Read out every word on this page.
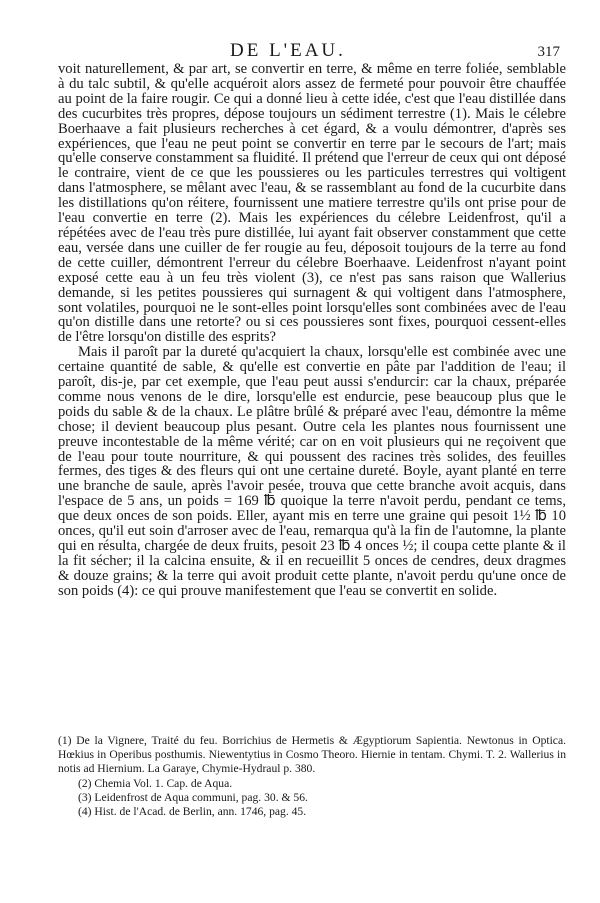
DE L'EAU.	317

voit naturellement, & par art, se convertir en terre, & même en terre foliée, semblable à du talc subtil, & qu'elle acquéroit alors assez de fermeté pour pouvoir être chauffée au point de la faire rougir. Ce qui a donné lieu à cette idée, c'est que l'eau distillée dans des cucurbites très propres, dépose toujours un sédiment terrestre (1). Mais le célebre Boerhaave a fait plusieurs recherches à cet égard, & a voulu démontrer, d'après ses expériences, que l'eau ne peut point se convertir en terre par le secours de l'art; mais qu'elle conserve constamment sa fluidité. Il prétend que l'erreur de ceux qui ont déposé le contraire, vient de ce que les poussieres ou les particules terrestres qui voltigent dans l'atmosphere, se mêlant avec l'eau, & se rassemblant au fond de la cucurbite dans les distillations qu'on réitere, fournissent une matiere terrestre qu'ils ont prise pour de l'eau convertie en terre (2). Mais les expériences du célebre Leidenfrost, qu'il a répétées avec de l'eau très pure distillée, lui ayant fait observer constamment que cette eau, versée dans une cuiller de fer rougie au feu, déposoit toujours de la terre au fond de cette cuiller, démontrent l'erreur du célebre Boerhaave. Leidenfrost n'ayant point exposé cette eau à un feu très violent (3), ce n'est pas sans raison que Wallerius demande, si les petites poussieres qui surnagent & qui voltigent dans l'atmosphere, sont volatiles, pourquoi ne le sont-elles point lorsqu'elles sont combinées avec de l'eau qu'on distille dans une retorte? ou si ces poussieres sont fixes, pourquoi cessent-elles de l'être lorsqu'on distille des esprits?

Mais il paroît par la dureté qu'acquiert la chaux, lorsqu'elle est combinée avec une certaine quantité de sable, & qu'elle est convertie en pâte par l'addition de l'eau; il paroît, dis-je, par cet exemple, que l'eau peut aussi s'endurcir: car la chaux, préparée comme nous venons de le dire, lorsqu'elle est endurcie, pese beaucoup plus que le poids du sable & de la chaux. Le plâtre brûlé & préparé avec l'eau, démontre la même chose; il devient beaucoup plus pesant. Outre cela les plantes nous fournissent une preuve incontestable de la même vérité; car on en voit plusieurs qui ne reçoivent que de l'eau pour toute nourriture, & qui poussent des racines très solides, des feuilles fermes, des tiges & des fleurs qui ont une certaine dureté. Boyle, ayant planté en terre une branche de saule, après l'avoir pesée, trouva que cette branche avoit acquis, dans l'espace de 5 ans, un poids = 169 ℔ quoique la terre n'avoit perdu, pendant ce tems, que deux onces de son poids. Eller, ayant mis en terre une graine qui pesoit 1½ ℔ 10 onces, qu'il eut soin d'arroser avec de l'eau, remarqua qu'à la fin de l'automne, la plante qui en résulta, chargée de deux fruits, pesoit 23 ℔ 4 onces ½; il coupa cette plante & il la fit sécher; il la calcina ensuite, & il en recueillit 5 onces de cendres, deux dragmes & douze grains; & la terre qui avoit produit cette plante, n'avoit perdu qu'une once de son poids (4): ce qui prouve manifestement que l'eau se convertit en solide.

(1) De la Vignere, Traité du feu. Borrichius de Hermetis & Ægyptiorum Sapientia. Newtonus in Optica. Hœkius in Operibus posthumis. Niewentytius in Cosmo Theoro. Hiernie in tentam. Chymi. T. 2. Wallerius in notis ad Hiernium. La Garaye, Chymie-Hydraul p. 380.

(2) Chemia Vol. 1. Cap. de Aqua.

(3) Leidenfrost de Aqua communi, pag. 30. & 56.

(4) Hist. de l'Acad. de Berlin, ann. 1746, pag. 45.
